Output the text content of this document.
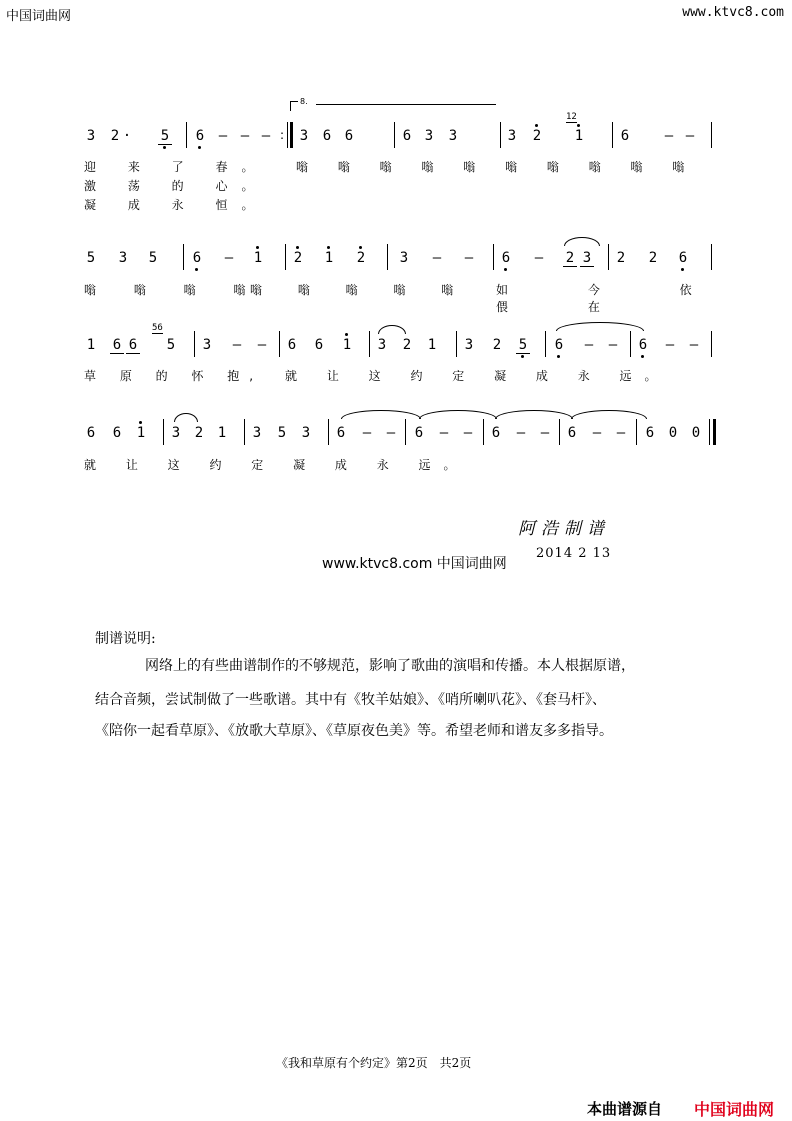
中国词曲网	www.ktvc8.com
8.
3 2 · 5 6 – – – : 3 6 6	6 3 3	3 2
12
1	6	– –
迎 来 了 春。 嗡 嗡 嗡 嗡 嗡 嗡 嗡 嗡 嗡 嗡
激 荡 的 心。
凝 成 永 恒。
5 3 5	6 – 1 2 1 2 3 – – 6 – 2 3 2 2 6
嗡 嗡 嗡 嗡
嗡 嗡 嗡 嗡 嗡 如 今 依 偎 在
1 6 6
56
5 3 – – 6 6 1 3 2 1 3 2 5 6 – – 6 – –
草 原 的 怀 抱, 就 让 这 约 定 凝 成 永 远。
6 6 1 3 2 1 3 5 3 6 – – 6 – – 6 – – 6 – – 6 0 0
就 让 这 约 定 凝 成 永 远。
阿浩制谱
2014 2 13
www.ktvc8.com 中国词曲网
制谱说明:
网络上的有些曲谱制作的不够规范，影响了歌曲的演唱和传播。本人根据原谱，
结合音频，尝试制做了一些歌谱。其中有《牧羊姑娘》、《哨所喇叭花》、《套马杆》、
《陪你一起看草原》、《放歌大草原》、《草原夜色美》等。希望老师和谱友多多指导。
《我和草原有个约定》第2页　共2页
本曲谱源自 中国词曲网
